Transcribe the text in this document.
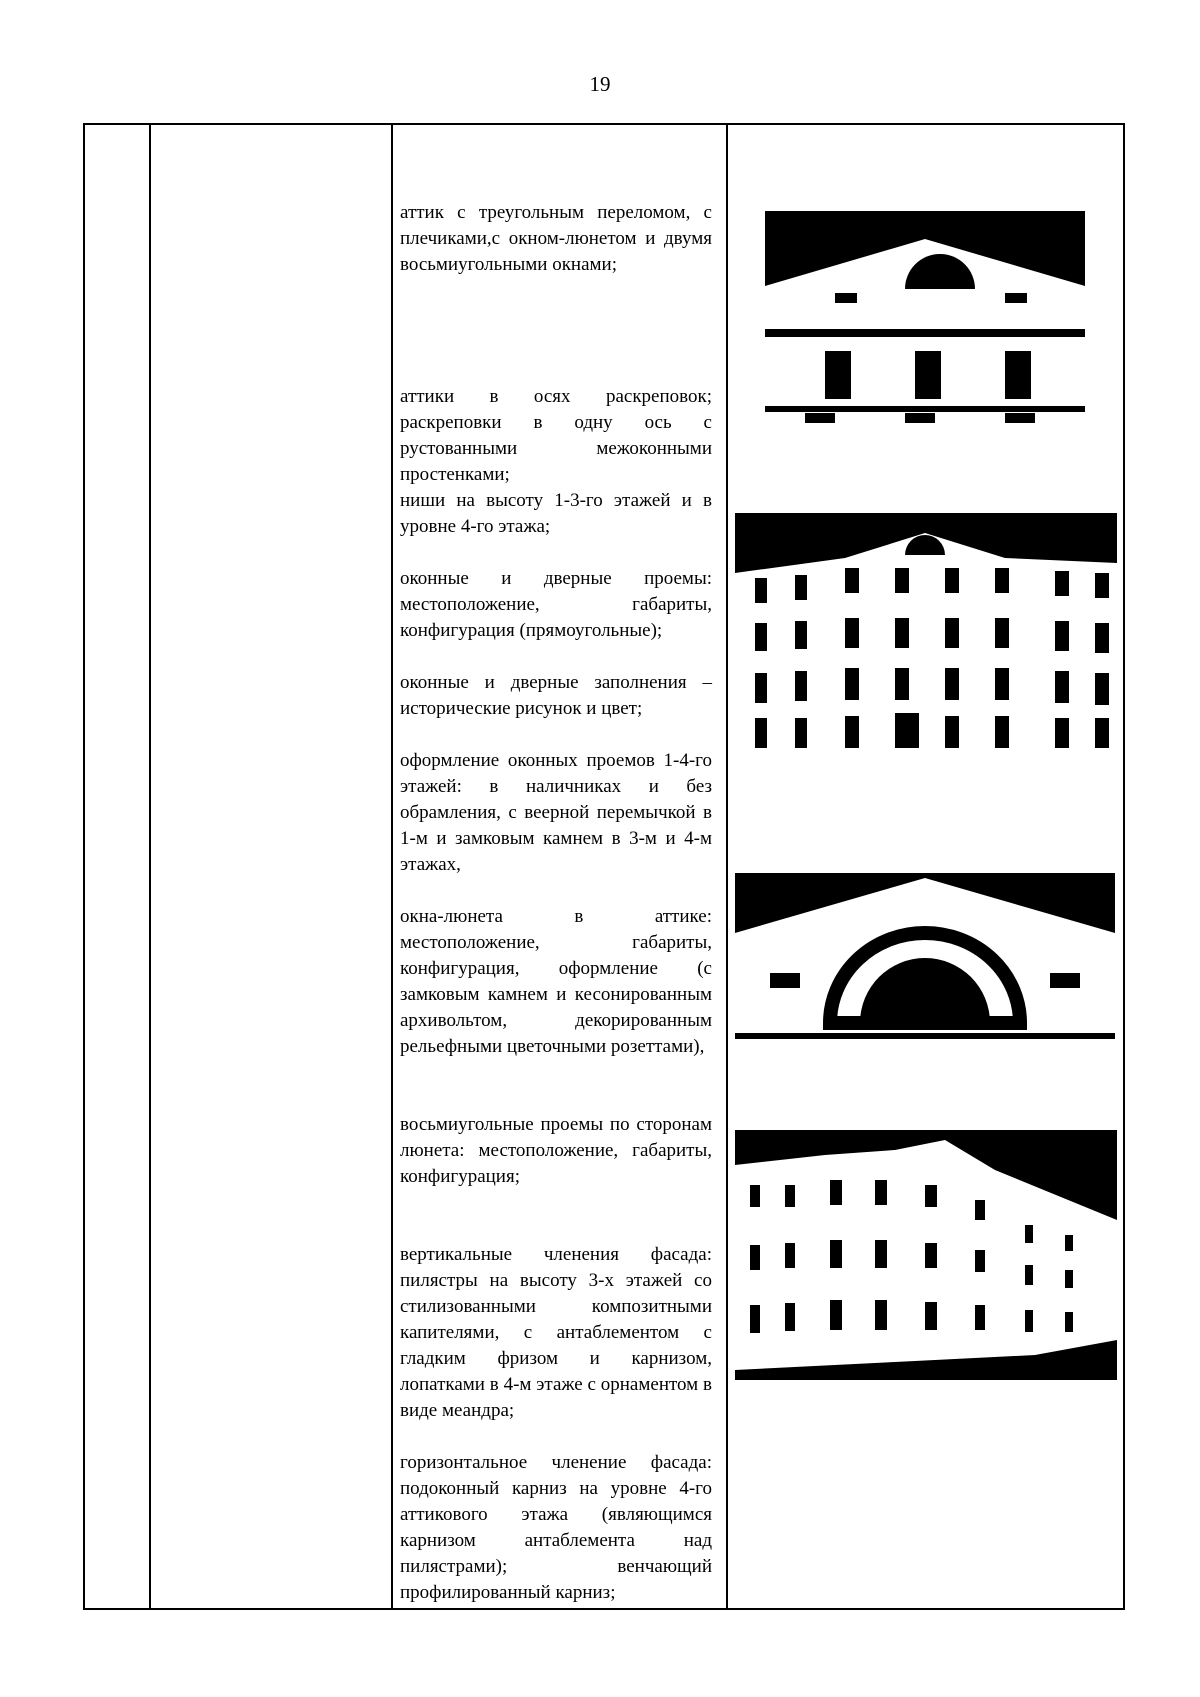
19

аттик с треугольным переломом, с плечиками,с окном-люнетом и двумя восьмиугольными окнами;

аттики в осях раскреповок; раскреповки в одну ось с рустованными межоконными простенками;

ниши на высоту 1-3-го этажей и в уровне 4-го этажа;

оконные и дверные проемы: местоположение, габариты, конфигурация (прямоугольные);

оконные и дверные заполнения – исторические рисунок и цвет;

оформление оконных проемов 1-4-го этажей: в наличниках и без обрамления, с веерной перемычкой в 1-м и замковым камнем в 3-м и 4-м этажах,

окна-люнета в аттике: местоположение, габариты, конфигурация, оформление (с замковым камнем и кесонированным архивольтом, декорированным рельефными цветочными розеттами),

восьмиугольные проемы по сторонам люнета: местоположение, габариты, конфигурация;

вертикальные членения фасада: пилястры на высоту 3-х этажей со стилизованными композитными капителями, с антаблементом с гладким фризом и карнизом, лопатками в 4-м этаже с орнаментом в виде меандра;

горизонтальное членение фасада: подоконный карниз на уровне 4-го аттикового этажа (являющимся карнизом антаблемента над пилястрами); венчающий профилированный карниз;
